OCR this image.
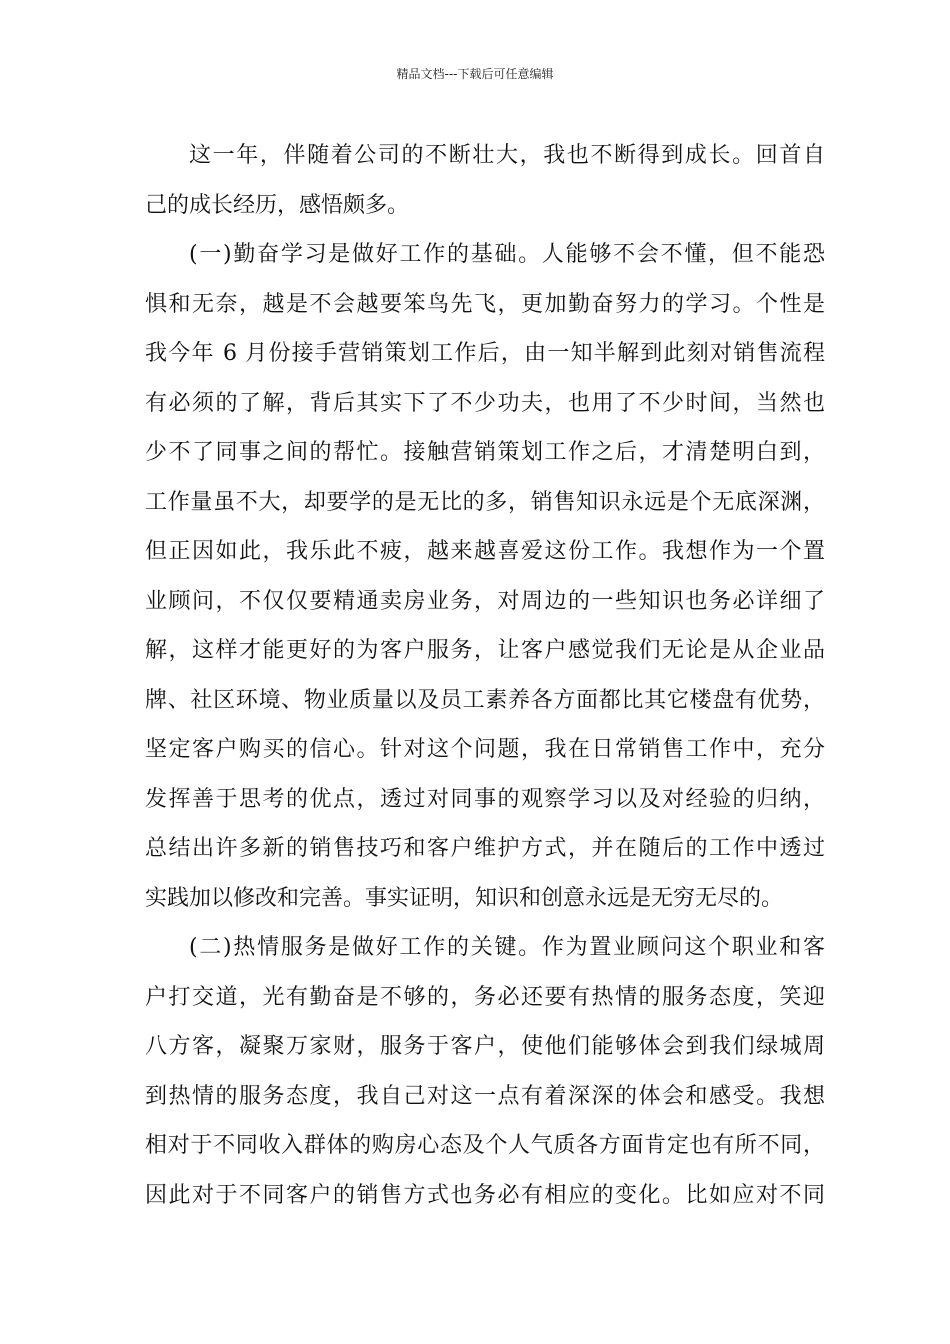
精品文档---下载后可任意编辑
这一年，伴随着公司的不断壮大，我也不断得到成长。回首自
己的成长经历，感悟颇多。
(一)勤奋学习是做好工作的基础。人能够不会不懂，但不能恐
惧和无奈，越是不会越要笨鸟先飞，更加勤奋努力的学习。个性是
我今年 6 月份接手营销策划工作后，由一知半解到此刻对销售流程
有必须的了解，背后其实下了不少功夫，也用了不少时间，当然也
少不了同事之间的帮忙。接触营销策划工作之后，才清楚明白到，
工作量虽不大，却要学的是无比的多，销售知识永远是个无底深渊，
但正因如此，我乐此不疲，越来越喜爱这份工作。我想作为一个置
业顾问，不仅仅要精通卖房业务，对周边的一些知识也务必详细了
解，这样才能更好的为客户服务，让客户感觉我们无论是从企业品
牌、社区环境、物业质量以及员工素养各方面都比其它楼盘有优势，
坚定客户购买的信心。针对这个问题，我在日常销售工作中，充分
发挥善于思考的优点，透过对同事的观察学习以及对经验的归纳，
总结出许多新的销售技巧和客户维护方式，并在随后的工作中透过
实践加以修改和完善。事实证明，知识和创意永远是无穷无尽的。
(二)热情服务是做好工作的关键。作为置业顾问这个职业和客
户打交道，光有勤奋是不够的，务必还要有热情的服务态度，笑迎
八方客，凝聚万家财，服务于客户，使他们能够体会到我们绿城周
到热情的服务态度，我自己对这一点有着深深的体会和感受。我想
相对于不同收入群体的购房心态及个人气质各方面肯定也有所不同，
因此对于不同客户的销售方式也务必有相应的变化。比如应对不同
